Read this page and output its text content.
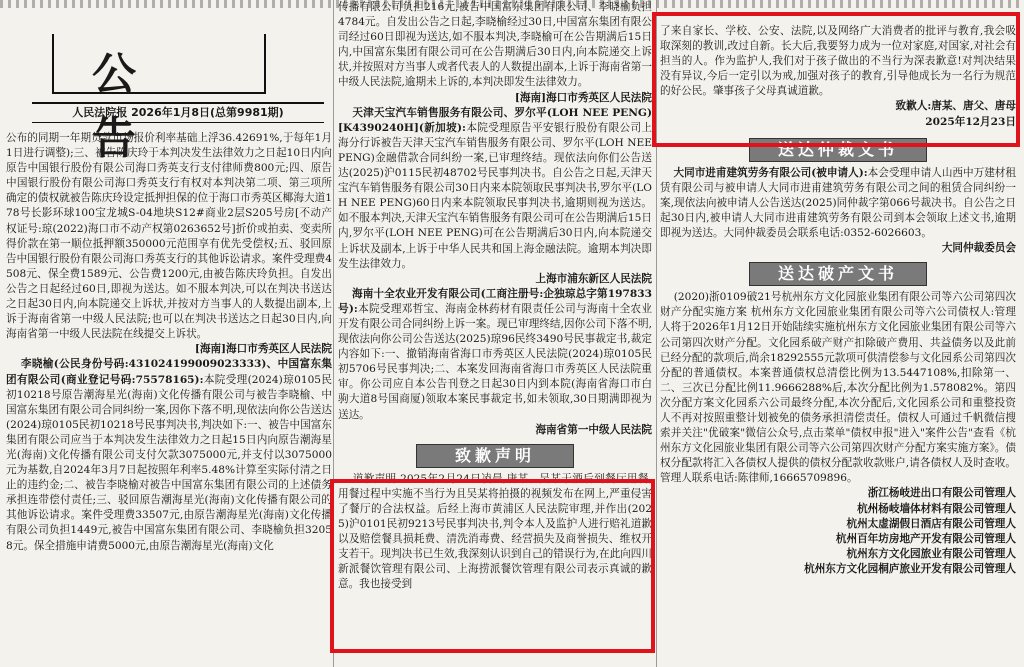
公 告
人民法院报 2026年1月8日(总第9981期)

公布的同期一年期贷款市场报价利率基础上浮36.42691%,于每年1月1日进行调整);三、被告陈庆玲于本判决发生法律效力之日起10日内向原告中国银行股份有限公司海口秀英支行支付律师费800元;四、原告中国银行股份有限公司海口秀英支行有权对本判决第二项、第三项所确定的债权就被告陈庆玲设定抵押担保的位于海口市秀英区椰海大道178号长影环球100宝龙城S-04地块S12#商业2层S205号房[不动产权证号:琼(2022)海口市不动产权第0263652号]折价或拍卖、变卖所得价款在第一顺位抵押额350000元范围享有优先受偿权;五、驳回原告中国银行股份有限公司海口秀英支行的其他诉讼请求。案件受理费4508元、保全费1589元、公告费1200元,由被告陈庆玲负担。自发出公告之日起经过60日,即视为送达。如不服本判决,可以在判决书送达之日起30日内,向本院递交上诉状,并按对方当事人的人数提出副本,上诉于海南省第一中级人民法院;也可以在判决书送达之日起30日内,向海南省第一中级人民法院在线提交上诉状。

[海南]海口市秀英区人民法院

李晓榆(公民身份号码:431024199009023333)、中国富东集团有限公司(商业登记号码:75578165):本院受理(2024)琼0105民初10218号原告潮海星光(海南)文化传播有限公司与被告李晓榆、中国富东集团有限公司合同纠纷一案,因你下落不明,现依法向你公告送达(2024)琼0105民初10218号民事判决书,判决如下:一、被告中国富东集团有限公司应当于本判决发生法律效力之日起15日内向原告潮海星光(海南)文化传播有限公司支付欠款3075000元,并支付以3075000元为基数,自2024年3月7日起按照年利率5.48%计算至实际付清之日止的违约金;二、被告李晓榆对被告中国富东集团有限公司的上述债务承担连带偿付责任;三、驳回原告潮海星光(海南)文化传播有限公司的其他诉讼请求。案件受理费33507元,由原告潮海星光(海南)文化传播有限公司负担1449元,被告中国富东集团有限公司、李晓榆负担32058元。保全措施申请费5000元,由原告潮海星光(海南)文化

传播有限公司负担216元,被告中国富东集团有限公司、李晓榆负担4784元。自发出公告之日起,李晓榆经过30日,中国富东集团有限公司经过60日即视为送达,如不服本判决,李晓榆可在公告期满后15日内,中国富东集团有限公司可在公告期满后30日内,向本院递交上诉状,并按照对方当事人或者代表人的人数提出副本,上诉于海南省第一中级人民法院,逾期未上诉的,本判决即发生法律效力。

[海南]海口市秀英区人民法院

天津天宝汽车销售服务有限公司、罗尔平(LOH NEE PENG)[K4390240H](新加坡):本院受理原告平安银行股份有限公司上海分行诉被告天津天宝汽车销售服务有限公司、罗尔平(LOH NEE PENG)金融借款合同纠纷一案,已审理终结。现依法向你们公告送达(2025)沪0115民初48702号民事判决书。自公告之日起,天津天宝汽车销售服务有限公司30日内来本院领取民事判决书,罗尔平(LOH NEE PENG)60日内来本院领取民事判决书,逾期则视为送达。如不服本判决,天津天宝汽车销售服务有限公司可在公告期满后15日内,罗尔平(LOH NEE PENG)可在公告期满后30日内,向本院递交上诉状及副本,上诉于中华人民共和国上海金融法院。逾期本判决即发生法律效力。

上海市浦东新区人民法院

海南十全农业开发有限公司(工商注册号:企独琼总字第197833号):本院受理邓哲宝、海南金林药材有限责任公司与海南十全农业开发有限公司合同纠纷上诉一案。现已审理终结,因你公司下落不明,现依法向你公司公告送达(2025)琼96民终3490号民事裁定书,裁定内容如下:一、撤销海南省海口市秀英区人民法院(2024)琼0105民初5706号民事判决;二、本案发回海南省海口市秀英区人民法院重审。你公司应自本公告刊登之日起30日内到本院(海南省海口市白驹大道8号国商厦)领取本案民事裁定书,如未领取,30日期满即视为送达。

海南省第一中级人民法院
致歉声明

道歉声明 2025年2月24日凌晨,唐某、吴某于酒后到餐厅用餐,用餐过程中实施不当行为且吴某将拍摄的视频发布在网上,严重侵害了餐厅的合法权益。后经上海市黄浦区人民法院审理,并作出(2025)沪0101民初9213号民事判决书,判令本人及监护人进行赔礼道歉以及赔偿餐具损耗费、清洗消毒费、经营损失及商誉损失、维权开支若干。现判决书已生效,我深刻认识到自己的错误行为,在此向四川新派餐饮管理有限公司、上海捞派餐饮管理有限公司表示真诚的歉意。我也接受到

了来自家长、学校、公安、法院,以及网络广大消费者的批评与教育,我会吸取深刻的教训,改过自新。长大后,我要努力成为一位对家庭,对国家,对社会有担当的人。作为监护人,我们对于孩子做出的不当行为深表歉意!对判决结果没有异议,今后一定引以为戒,加强对孩子的教育,引导他成长为一名行为规范的好公民。肇事孩子父母真诚道歉。

致歉人:唐某、唐父、唐母
2025年12月23日
送达仲裁文书

大同市进甫建筑劳务有限公司(被申请人):本会受理申请人山西中万建材租赁有限公司与被申请人大同市进甫建筑劳务有限公司之间的租赁合同纠纷一案,现依法向被申请人公告送达(2025)同仲裁字第066号裁决书。自公告之日起30日内,被申请人大同市进甫建筑劳务有限公司到本会领取上述文书,逾期即视为送达。大同仲裁委员会联系电话:0352-6026603。

大同仲裁委员会
送达破产文书

(2020)浙0109破21号杭州东方文化园旅业集团有限公司等六公司第四次财产分配实施方案 杭州东方文化园旅业集团有限公司等六公司债权人:管理人将于2026年1月12日开始陆续实施杭州东方文化园旅业集团有限公司等六公司第四次财产分配。文化园系破产财产扣除破产费用、共益债务以及此前已经分配的款项后,尚余18292555元款项可供清偿参与文化园系公司第四次分配的普通债权。本案普通债权总清偿比例为13.5447108%,扣除第一、二、三次已分配比例11.9666288%后,本次分配比例为1.578082%。第四次分配方案文化园系六公司最终分配,本次分配后,文化园系公司和重整投资人不再对按照重整计划被免的债务承担清偿责任。债权人可通过千帆微信搜索并关注"优破案"微信公众号,点击菜单"债权申报"进入"案件公告"查看《杭州东方文化园旅业集团有限公司等六公司第四次财产分配方案实施方案》。债权分配款将汇入各债权人提供的债权分配款收款账户,请各债权人及时查收。管理人联系电话:陈律师,16665709896。

浙江杨岐进出口有限公司管理人
杭州杨岐墙体材料有限公司管理人
杭州太虚湖假日酒店有限公司管理人
杭州百年坊房地产开发有限公司管理人
杭州东方文化园旅业有限公司管理人
杭州东方文化园桐庐旅业开发有限公司管理人
